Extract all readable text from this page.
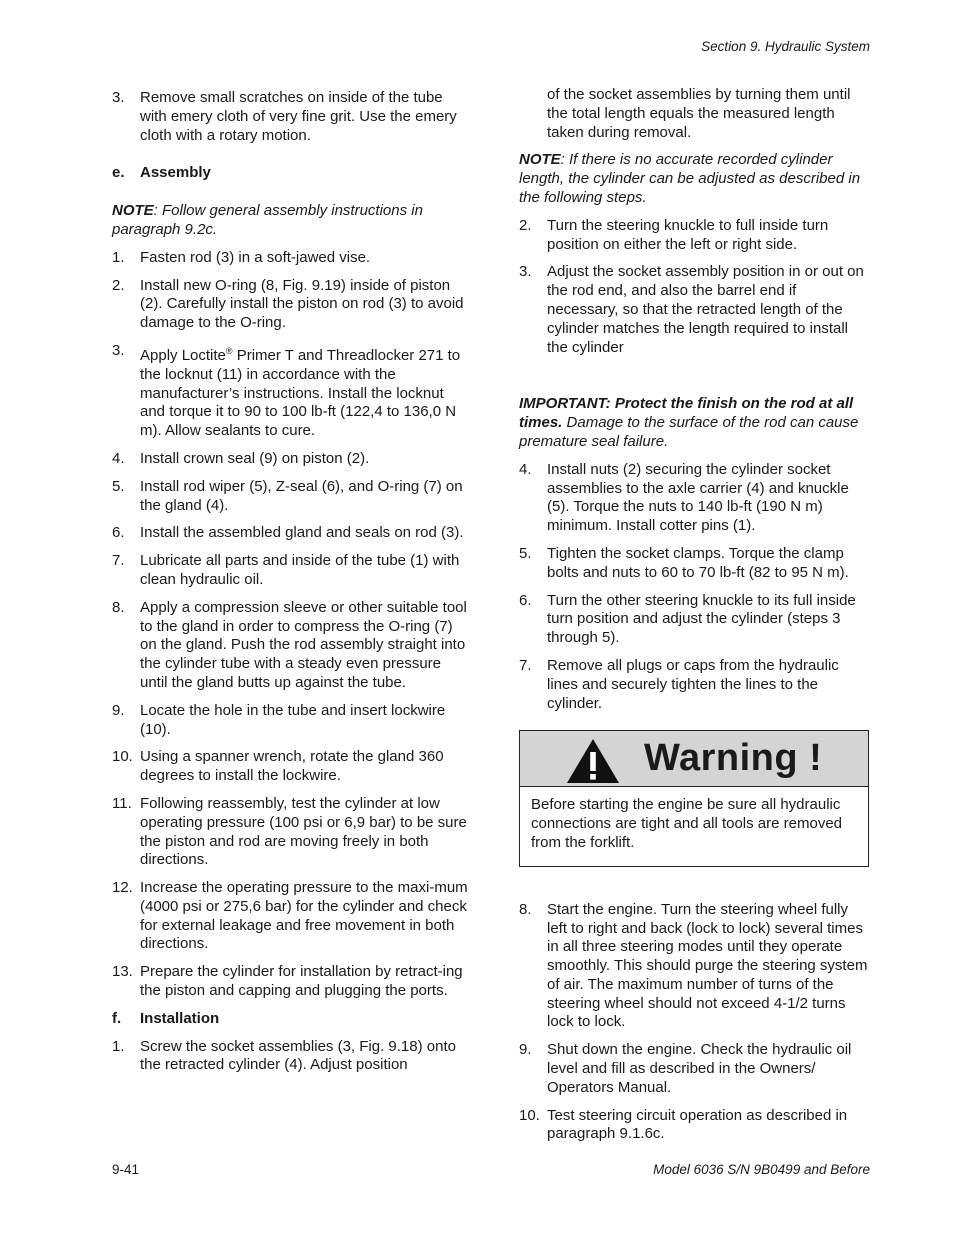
Section 9. Hydraulic System
3.	Remove small scratches on inside of the tube with emery cloth of very fine grit. Use the emery cloth with a rotary motion.
e.	Assembly
NOTE: Follow general assembly instructions in paragraph 9.2c.
1.	Fasten rod (3) in a soft-jawed vise.
2.	Install new O-ring (8, Fig. 9.19) inside of piston (2). Carefully install the piston on rod (3) to avoid damage to the O-ring.
3.	Apply Loctite® Primer T and Threadlocker 271 to the locknut (11) in accordance with the manufacturer’s instructions. Install the locknut and torque it to 90 to 100 lb-ft (122,4 to 136,0 N m). Allow sealants to cure.
4.	Install crown seal (9) on piston (2).
5.	Install rod wiper (5), Z-seal (6), and O-ring (7) on the gland (4).
6.	Install the assembled gland and seals on rod (3).
7.	Lubricate all parts and inside of the tube (1) with clean hydraulic oil.
8.	Apply a compression sleeve or other suitable tool to the gland in order to compress the O-ring (7) on the gland. Push the rod assembly straight into the cylinder tube with a steady even pressure until the gland butts up against the tube.
9.	Locate the hole in the tube and insert lockwire (10).
10. Using a spanner wrench, rotate the gland 360 degrees to install the lockwire.
11. Following reassembly, test the cylinder at low operating pressure (100 psi or 6,9 bar) to be sure the piston and rod are moving freely in both directions.
12. Increase the operating pressure to the maxi-mum (4000 psi or 275,6 bar) for the cylinder and check for external leakage and free movement in both directions.
13. Prepare the cylinder for installation by retract-ing the piston and capping and plugging the ports.
f.	Installation
1.	Screw the socket assemblies (3, Fig. 9.18) onto the retracted cylinder (4). Adjust position
of the socket assemblies by turning them until the total length equals the measured length taken during removal.
NOTE: If there is no accurate recorded cylinder length, the cylinder can be adjusted as described in the following steps.
2.	Turn the steering knuckle to full inside turn position on either the left or right side.
3.	Adjust the socket assembly position in or out on the rod end, and also the barrel end if necessary, so that the retracted length of the cylinder matches the length required to install the cylinder
IMPORTANT: Protect the finish on the rod at all times. Damage to the surface of the rod can cause premature seal failure.
4.	Install nuts (2) securing the cylinder socket assemblies to the axle carrier (4) and knuckle (5). Torque the nuts to 140 lb-ft (190 N m) minimum. Install cotter pins (1).
5.	Tighten the socket clamps. Torque the clamp bolts and nuts to 60 to 70 lb-ft (82 to 95 N m).
6.	Turn the other steering knuckle to its full inside turn position and adjust the cylinder (steps 3 through 5).
7.	Remove all plugs or caps from the hydraulic lines and securely tighten the lines to the cylinder.
Warning !
Before starting the engine be sure all hydraulic connections are tight and all tools are removed from the forklift.
8.	Start the engine. Turn the steering wheel fully left to right and back (lock to lock) several times in all three steering modes until they operate smoothly. This should purge the steering system of air. The maximum number of turns of the steering wheel should not exceed 4-1/2 turns lock to lock.
9.	Shut down the engine. Check the hydraulic oil level and fill as described in the Owners/ Operators Manual.
10. Test steering circuit operation as described in paragraph 9.1.6c.
9-41	Model 6036 S/N 9B0499 and Before
